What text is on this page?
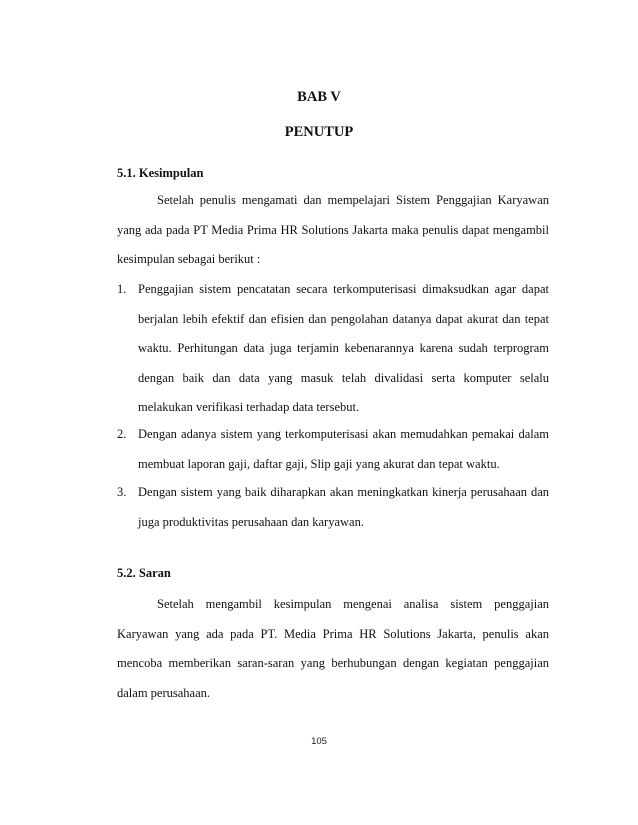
BAB V
PENUTUP
5.1. Kesimpulan

Setelah penulis mengamati dan mempelajari Sistem Penggajian Karyawan yang ada pada PT Media Prima HR Solutions Jakarta maka penulis dapat mengambil kesimpulan sebagai berikut :

1. Penggajian sistem pencatatan secara terkomputerisasi dimaksudkan agar dapat berjalan lebih efektif dan efisien dan pengolahan datanya dapat akurat dan tepat waktu. Perhitungan data juga terjamin kebenarannya karena sudah terprogram dengan baik dan data yang masuk telah divalidasi serta komputer selalu melakukan verifikasi terhadap data tersebut.
2. Dengan adanya sistem yang terkomputerisasi akan memudahkan pemakai dalam membuat laporan gaji, daftar gaji, Slip gaji yang akurat dan tepat waktu.
3. Dengan sistem yang baik diharapkan akan meningkatkan kinerja perusahaan dan juga produktivitas perusahaan dan karyawan.
5.2. Saran

Setelah mengambil kesimpulan mengenai analisa sistem penggajian Karyawan yang ada pada PT. Media Prima HR Solutions Jakarta, penulis akan mencoba memberikan saran-saran yang berhubungan dengan kegiatan penggajian dalam perusahaan.

105
